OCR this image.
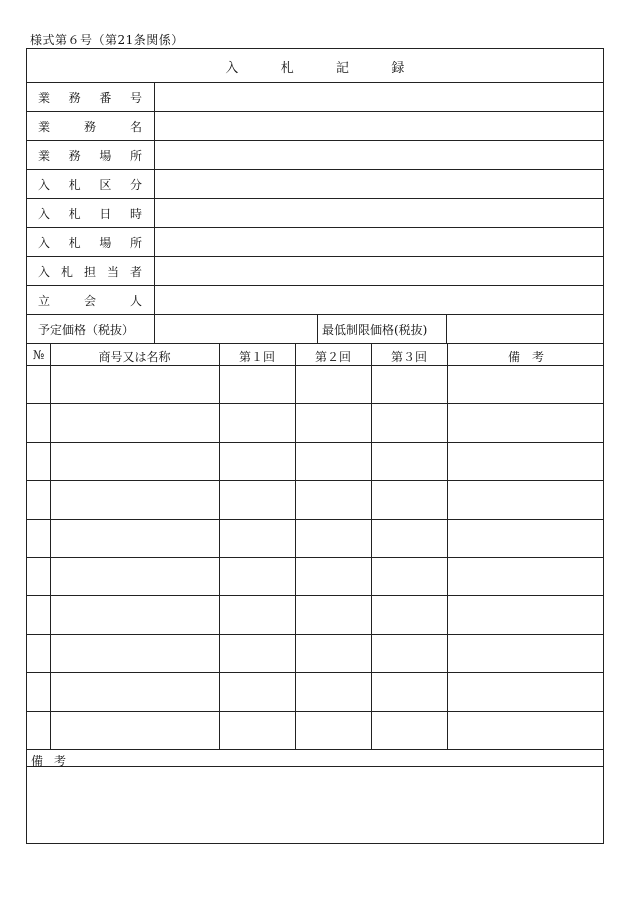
様式第６号（第21条関係）
入	札	記	録
業 務 番 号
業	務	名
業 務 場 所
入 札 区 分
入 札 日 時
入 札 場 所
入 札 担 当 者
立	会	人
予定価格（税抜）	最低制限価格(税抜)
№	商号又は名称	第１回	第２回	第３回	備　考
備 考
